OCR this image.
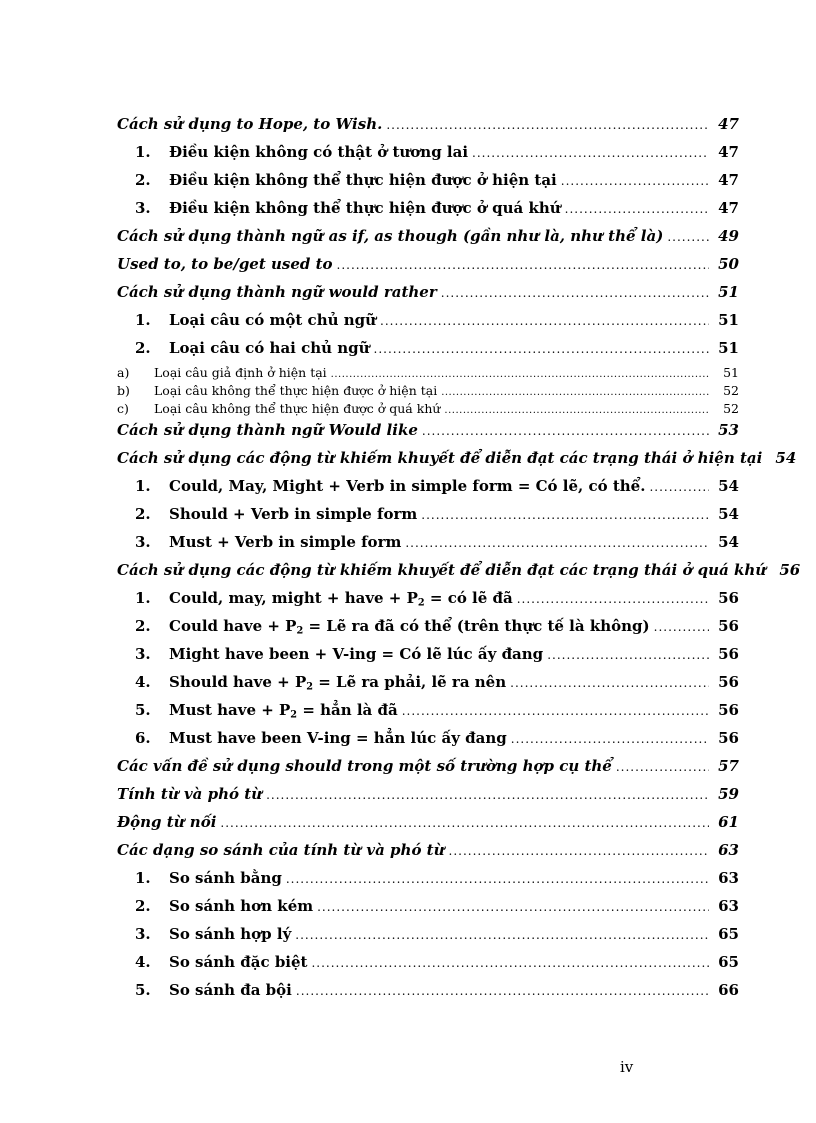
Cách sử dụng to Hope, to Wish. .....	47
1.	Điều kiện không có thật ở tương lai .....	47
2.	Điều kiện không thể thực hiện được ở hiện tại .....	47
3.	Điều kiện không thể thực hiện được ở quá khứ .....	47
Cách sử dụng thành ngữ as if, as though (gần như là, như thể là) .....	49
Used to, to be/get used to .....	50
Cách sử dụng thành ngữ would rather .....	51
1.	Loại câu có một chủ ngữ .....	51
2.	Loại câu có hai chủ ngữ .....	51
a)	Loại câu giả định ở hiện tại .....	51
b)	Loại câu không thể thực hiện được ở hiện tại .....	52
c)	Loại câu không thể thực hiện được ở quá khứ .....	52
Cách sử dụng thành ngữ Would like .....	53
Cách sử dụng các động từ khiếm khuyết để diễn đạt các trạng thái ở hiện tại 54
1.	Could, May, Might + Verb in simple form = Có lẽ, có thể. .....	54
2.	Should + Verb in simple form .....	54
3.	Must + Verb in simple form .....	54
Cách sử dụng các động từ khiếm khuyết để diễn đạt các trạng thái ở quá khứ 56
1.	Could, may, might + have + $P_2$ = có lẽ đã .....	56
2.	Could have + $P_2$ = Lẽ ra đã có thể (trên thực tế là không) .....	56
3.	Might have been + V-ing = Có lẽ lúc ấy đang .....	56
4.	Should have + $P_2$ = Lẽ ra phải, lẽ ra nên .....	56
5.	Must have + $P_2$ = hẳn là đã .....	56
6.	Must have been V-ing = hẳn lúc ấy đang .....	56
Các vấn đề sử dụng should trong một số trường hợp cụ thể .....	57
Tính từ và phó từ .....	59
Động từ nối .....	61
Các dạng so sánh của tính từ và phó từ .....	63
1.	So sánh bằng .....	63
2.	So sánh hơn kém .....	63
3.	So sánh hợp lý .....	65
4.	So sánh đặc biệt .....	65
5.	So sánh đa bội .....	66
iv
